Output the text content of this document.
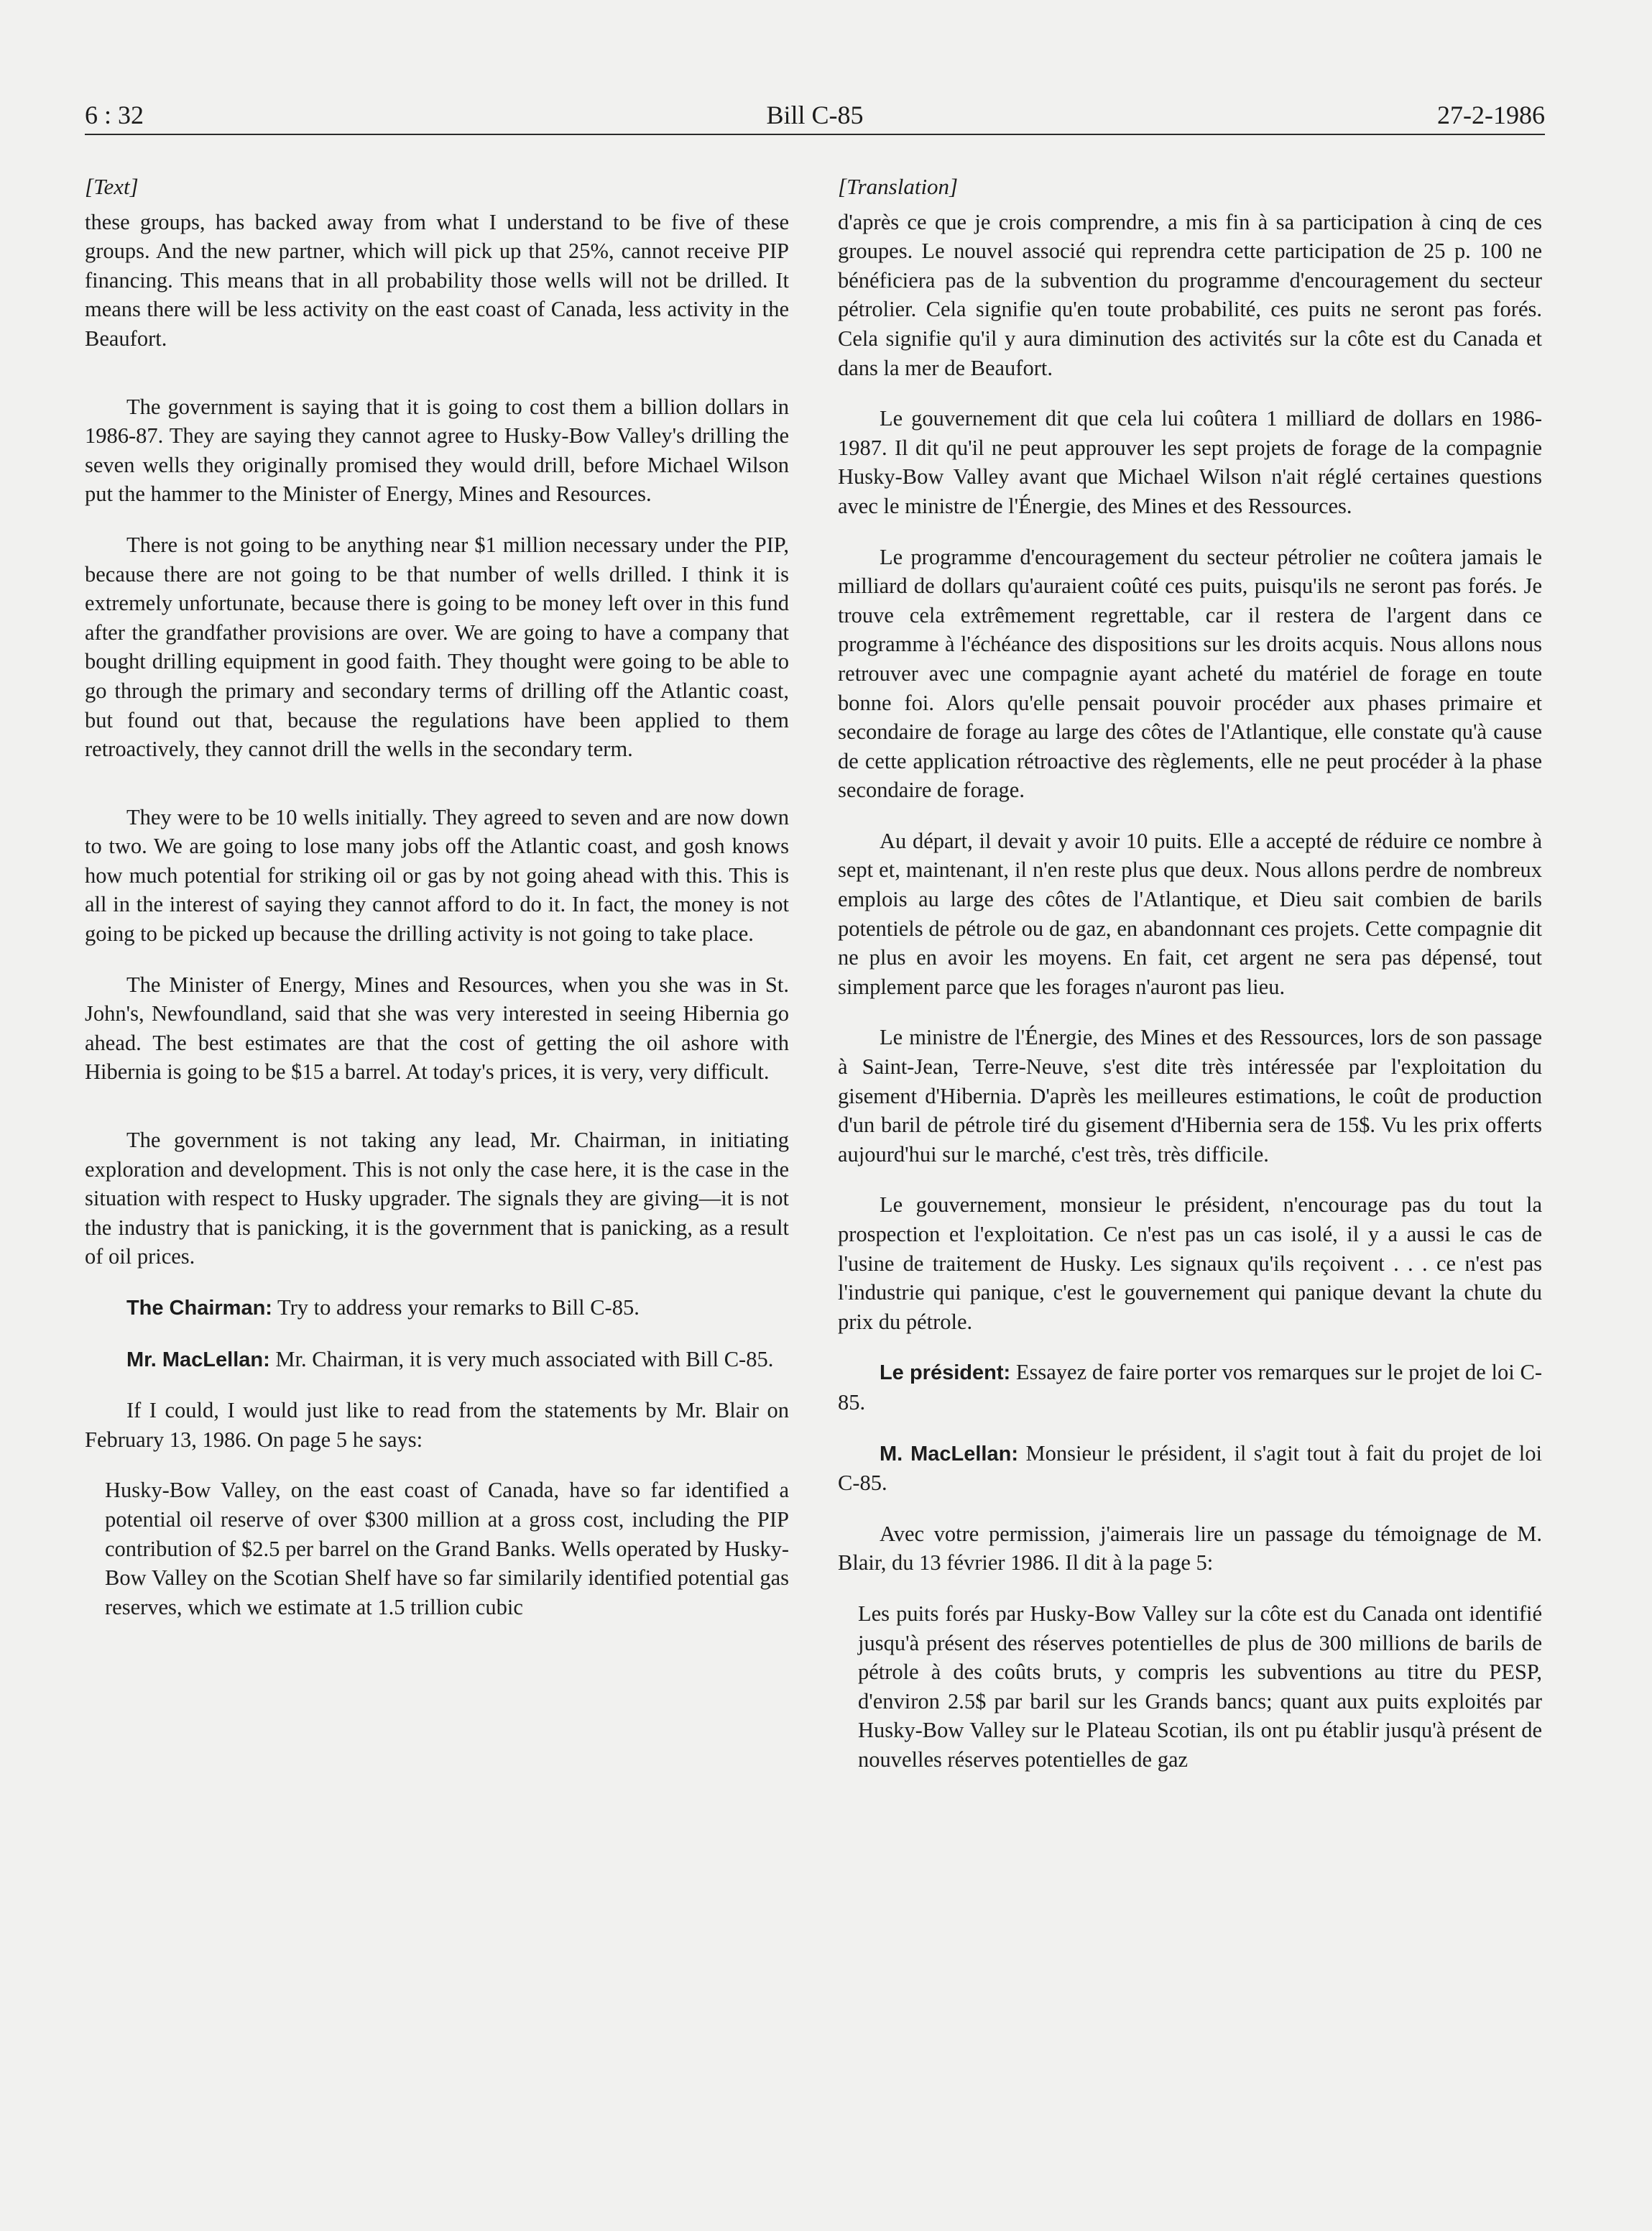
6 : 32	Bill C-85	27-2-1986
[Text]

these groups, has backed away from what I understand to be five of these groups. And the new partner, which will pick up that 25%, cannot receive PIP financing. This means that in all probability those wells will not be drilled. It means there will be less activity on the east coast of Canada, less activity in the Beaufort.

The government is saying that it is going to cost them a billion dollars in 1986-87. They are saying they cannot agree to Husky-Bow Valley's drilling the seven wells they originally promised they would drill, before Michael Wilson put the hammer to the Minister of Energy, Mines and Resources.

There is not going to be anything near $1 million necessary under the PIP, because there are not going to be that number of wells drilled. I think it is extremely unfortunate, because there is going to be money left over in this fund after the grandfather provisions are over. We are going to have a company that bought drilling equipment in good faith. They thought were going to be able to go through the primary and secondary terms of drilling off the Atlantic coast, but found out that, because the regulations have been applied to them retroactively, they cannot drill the wells in the secondary term.

They were to be 10 wells initially. They agreed to seven and are now down to two. We are going to lose many jobs off the Atlantic coast, and gosh knows how much potential for striking oil or gas by not going ahead with this. This is all in the interest of saying they cannot afford to do it. In fact, the money is not going to be picked up because the drilling activity is not going to take place.

The Minister of Energy, Mines and Resources, when you she was in St. John's, Newfoundland, said that she was very interested in seeing Hibernia go ahead. The best estimates are that the cost of getting the oil ashore with Hibernia is going to be $15 a barrel. At today's prices, it is very, very difficult.

The government is not taking any lead, Mr. Chairman, in initiating exploration and development. This is not only the case here, it is the case in the situation with respect to Husky upgrader. The signals they are giving—it is not the industry that is panicking, it is the government that is panicking, as a result of oil prices.

The Chairman: Try to address your remarks to Bill C-85.

Mr. MacLellan: Mr. Chairman, it is very much associated with Bill C-85.

If I could, I would just like to read from the statements by Mr. Blair on February 13, 1986. On page 5 he says:

Husky-Bow Valley, on the east coast of Canada, have so far identified a potential oil reserve of over $300 million at a gross cost, including the PIP contribution of $2.5 per barrel on the Grand Banks. Wells operated by Husky-Bow Valley on the Scotian Shelf have so far similarily identified potential gas reserves, which we estimate at 1.5 trillion cubic

[Translation]

d'après ce que je crois comprendre, a mis fin à sa participation à cinq de ces groupes. Le nouvel associé qui reprendra cette participation de 25 p. 100 ne bénéficiera pas de la subvention du programme d'encouragement du secteur pétrolier. Cela signifie qu'en toute probabilité, ces puits ne seront pas forés. Cela signifie qu'il y aura diminution des activités sur la côte est du Canada et dans la mer de Beaufort.

Le gouvernement dit que cela lui coûtera 1 milliard de dollars en 1986-1987. Il dit qu'il ne peut approuver les sept projets de forage de la compagnie Husky-Bow Valley avant que Michael Wilson n'ait réglé certaines questions avec le ministre de l'Énergie, des Mines et des Ressources.

Le programme d'encouragement du secteur pétrolier ne coûtera jamais le milliard de dollars qu'auraient coûté ces puits, puisqu'ils ne seront pas forés. Je trouve cela extrêmement regrettable, car il restera de l'argent dans ce programme à l'échéance des dispositions sur les droits acquis. Nous allons nous retrouver avec une compagnie ayant acheté du matériel de forage en toute bonne foi. Alors qu'elle pensait pouvoir procéder aux phases primaire et secondaire de forage au large des côtes de l'Atlantique, elle constate qu'à cause de cette application rétroactive des règlements, elle ne peut procéder à la phase secondaire de forage.

Au départ, il devait y avoir 10 puits. Elle a accepté de réduire ce nombre à sept et, maintenant, il n'en reste plus que deux. Nous allons perdre de nombreux emplois au large des côtes de l'Atlantique, et Dieu sait combien de barils potentiels de pétrole ou de gaz, en abandonnant ces projets. Cette compagnie dit ne plus en avoir les moyens. En fait, cet argent ne sera pas dépensé, tout simplement parce que les forages n'auront pas lieu.

Le ministre de l'Énergie, des Mines et des Ressources, lors de son passage à Saint-Jean, Terre-Neuve, s'est dite très intéressée par l'exploitation du gisement d'Hibernia. D'après les meilleures estimations, le coût de production d'un baril de pétrole tiré du gisement d'Hibernia sera de 15$. Vu les prix offerts aujourd'hui sur le marché, c'est très, très difficile.

Le gouvernement, monsieur le président, n'encourage pas du tout la prospection et l'exploitation. Ce n'est pas un cas isolé, il y a aussi le cas de l'usine de traitement de Husky. Les signaux qu'ils reçoivent . . . ce n'est pas l'industrie qui panique, c'est le gouvernement qui panique devant la chute du prix du pétrole.

Le président: Essayez de faire porter vos remarques sur le projet de loi C-85.

M. MacLellan: Monsieur le président, il s'agit tout à fait du projet de loi C-85.

Avec votre permission, j'aimerais lire un passage du témoignage de M. Blair, du 13 février 1986. Il dit à la page 5:

Les puits forés par Husky-Bow Valley sur la côte est du Canada ont identifié jusqu'à présent des réserves potentielles de plus de 300 millions de barils de pétrole à des coûts bruts, y compris les subventions au titre du PESP, d'environ 2.5$ par baril sur les Grands bancs; quant aux puits exploités par Husky-Bow Valley sur le Plateau Scotian, ils ont pu établir jusqu'à présent de nouvelles réserves potentielles de gaz
